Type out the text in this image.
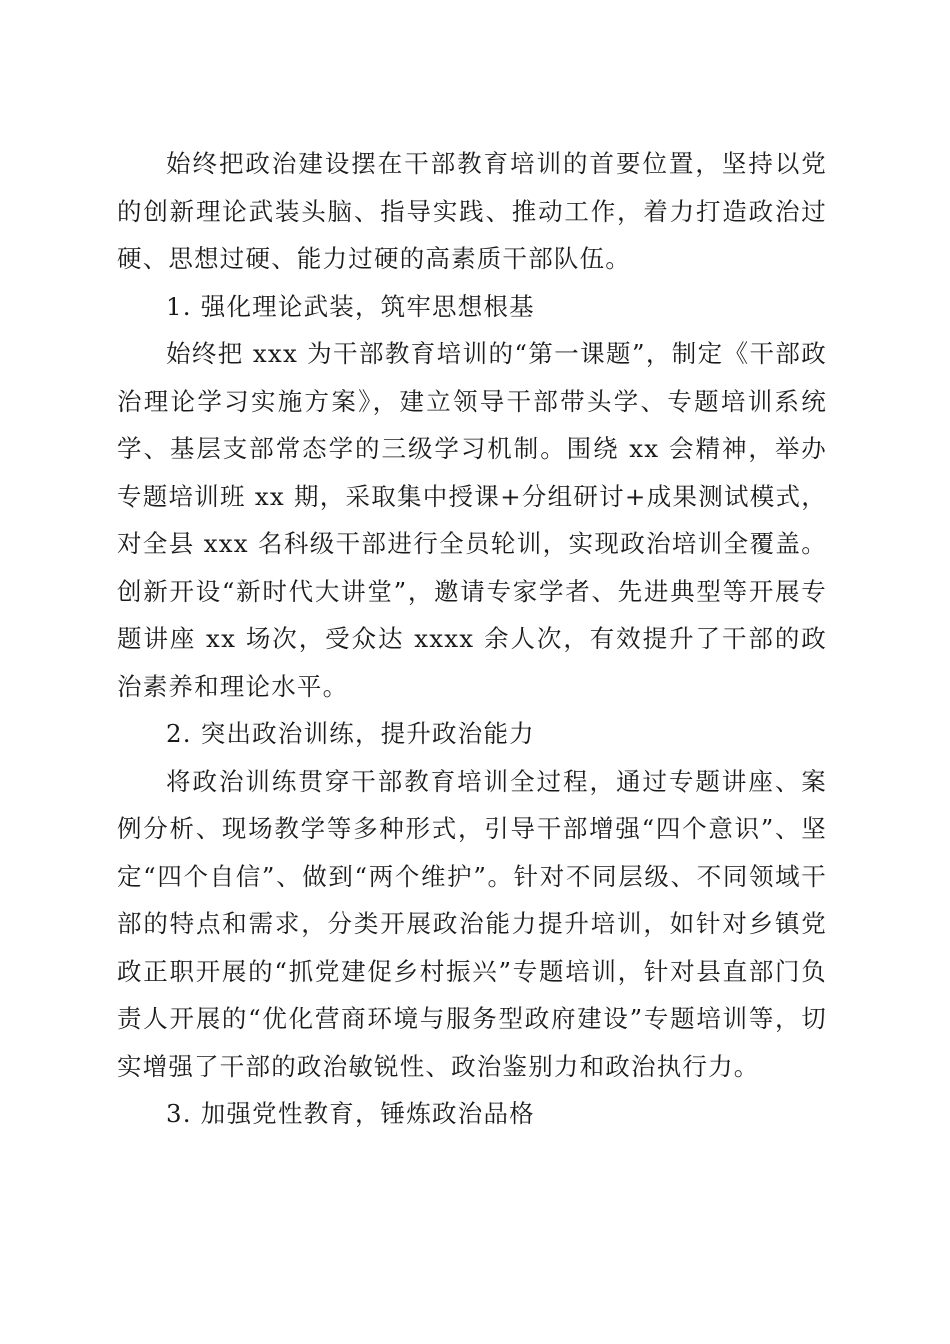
始终把政治建设摆在干部教育培训的首要位置，坚持以党的创新理论武装头脑、指导实践、推动工作，着力打造政治过硬、思想过硬、能力过硬的高素质干部队伍。

1. 强化理论武装，筑牢思想根基

始终把 xxx 为干部教育培训的“第一课题”，制定《干部政治理论学习实施方案》，建立领导干部带头学、专题培训系统学、基层支部常态学的三级学习机制。围绕 xx 会精神，举办专题培训班 xx 期，采取集中授课+分组研讨+成果测试模式，对全县 xxx 名科级干部进行全员轮训，实现政治培训全覆盖。创新开设“新时代大讲堂”，邀请专家学者、先进典型等开展专题讲座 xx 场次，受众达 xxxx 余人次，有效提升了干部的政治素养和理论水平。

2. 突出政治训练，提升政治能力

将政治训练贯穿干部教育培训全过程，通过专题讲座、案例分析、现场教学等多种形式，引导干部增强“四个意识”、坚定“四个自信”、做到“两个维护”。针对不同层级、不同领域干部的特点和需求，分类开展政治能力提升培训，如针对乡镇党政正职开展的“抓党建促乡村振兴”专题培训，针对县直部门负责人开展的“优化营商环境与服务型政府建设”专题培训等，切实增强了干部的政治敏锐性、政治鉴别力和政治执行力。

3. 加强党性教育，锤炼政治品格
